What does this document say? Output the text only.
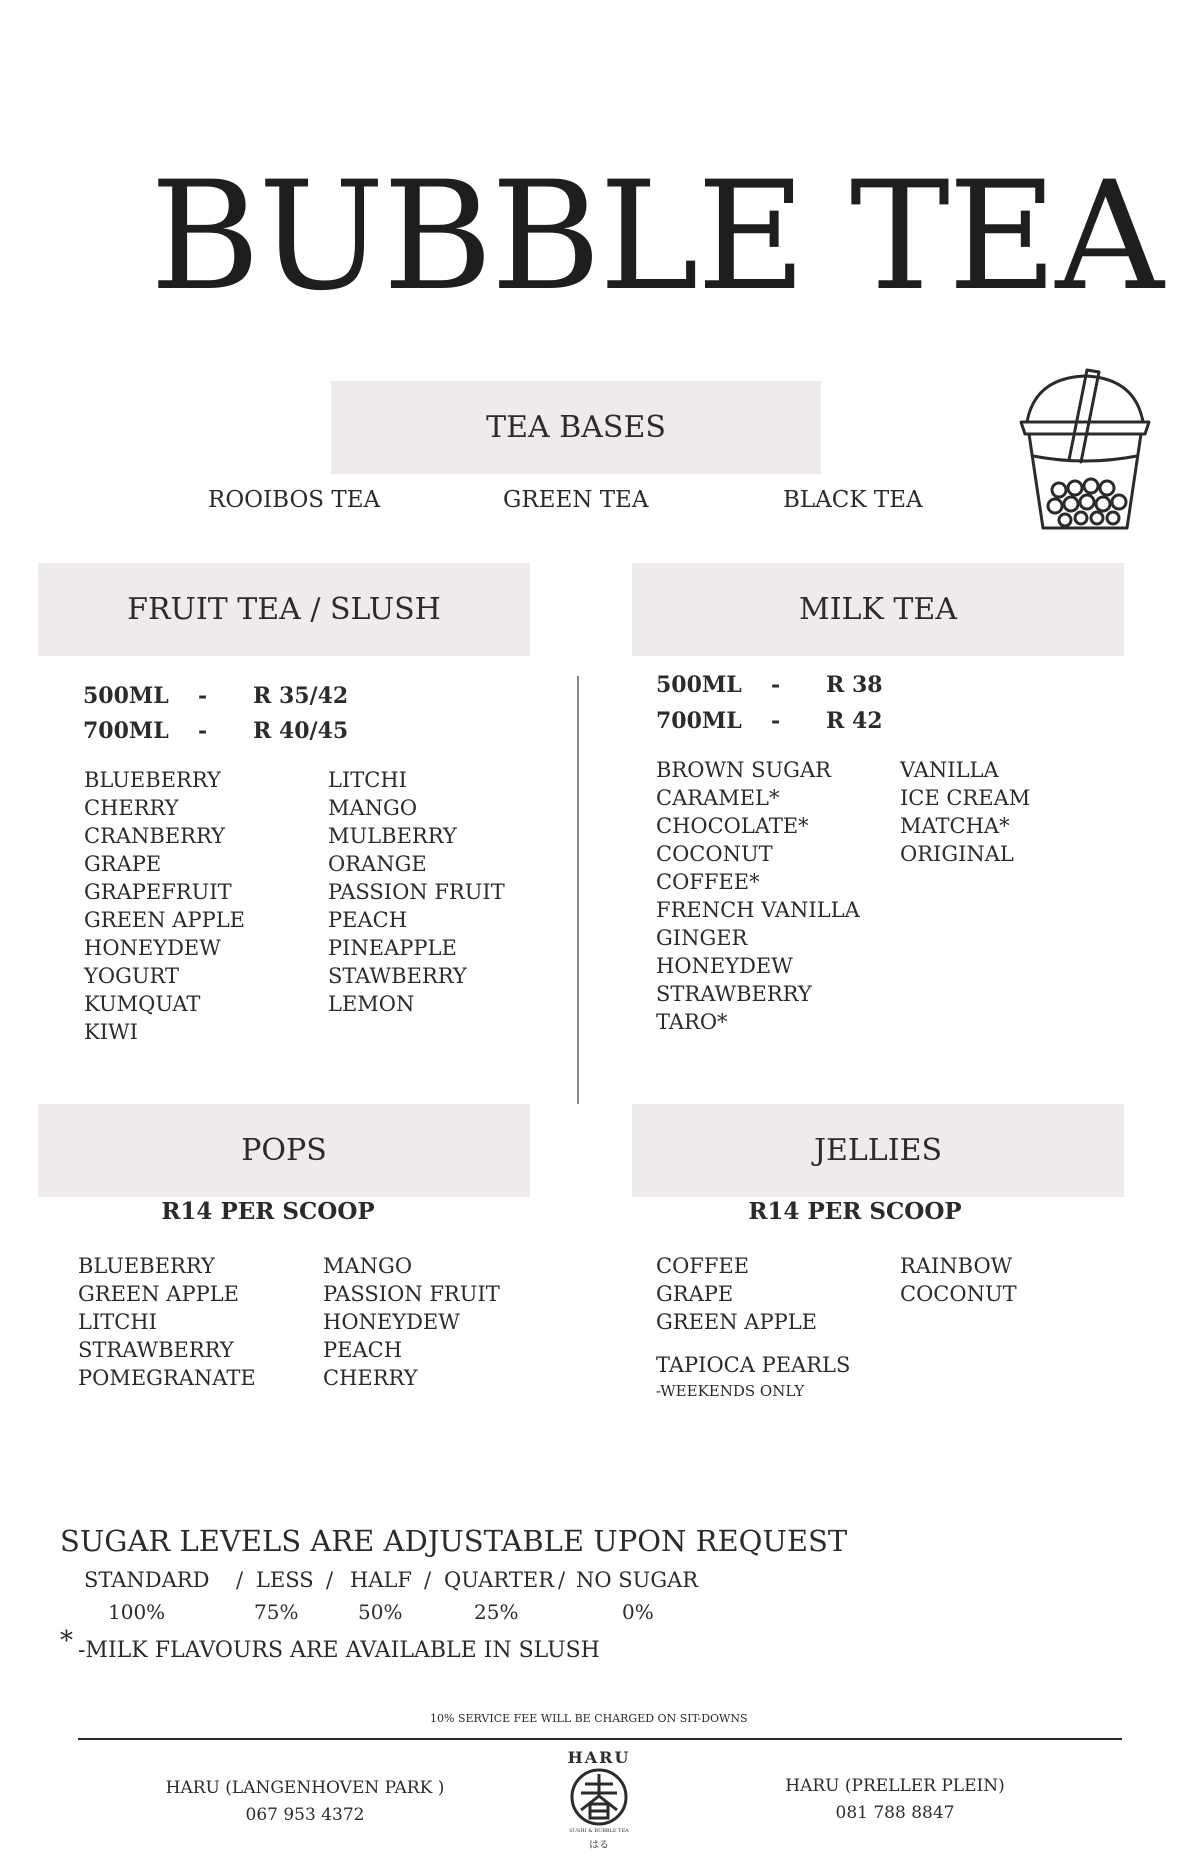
BUBBLE TEA
TEA BASES
ROOIBOS TEA	GREEN TEA	BLACK TEA
FRUIT TEA / SLUSH	MILK TEA
500ML - R 35/42
700ML - R 40/45
BLUEBERRY
CHERRY
CRANBERRY
GRAPE
GRAPEFRUIT
GREEN APPLE
HONEYDEW
YOGURT
KUMQUAT
KIWI
LITCHI
MANGO
MULBERRY
ORANGE
PASSION FRUIT
PEACH
PINEAPPLE
STAWBERRY
LEMON
500ML - R 38
700ML - R 42
BROWN SUGAR
CARAMEL*
CHOCOLATE*
COCONUT
COFFEE*
FRENCH VANILLA
GINGER
HONEYDEW
STRAWBERRY
TARO*
VANILLA
ICE CREAM
MATCHA*
ORIGINAL
POPS	JELLIES
R14 PER SCOOP	R14 PER SCOOP
BLUEBERRY
GREEN APPLE
LITCHI
STRAWBERRY
POMEGRANATE
MANGO
PASSION FRUIT
HONEYDEW
PEACH
CHERRY
COFFEE
GRAPE
GREEN APPLE
RAINBOW
COCONUT
TAPIOCA PEARLS
-WEEKENDS ONLY
SUGAR LEVELS ARE ADJUSTABLE UPON REQUEST
STANDARD / LESS / HALF / QUARTER / NO SUGAR
100%	75%	50%	25%	0%
* -MILK FLAVOURS ARE AVAILABLE IN SLUSH
10% SERVICE FEE WILL BE CHARGED ON SIT-DOWNS
HARU (LANGENHOVEN PARK )
067 953 4372
HARU (PRELLER PLEIN)
081 788 8847
HARU
SUSHI & BUBBLE TEA
はる
